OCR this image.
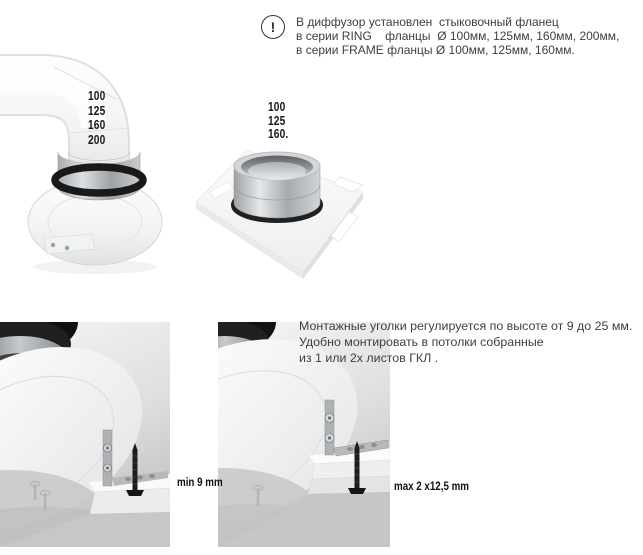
100
125
160
200
100
125
160.
! В диффузор установлен  стыковочный фланец
в серии RING    фланцы  Ø 100мм, 125мм, 160мм, 200мм,
в серии FRAME фланцы Ø 100мм, 125мм, 160мм.
min 9 mm	max 2 x12,5 mm
Монтажные уголки регулируется по высоте от 9 до 25 мм.
Удобно монтировать в потолки собранные
из 1 или 2х листов ГКЛ .
